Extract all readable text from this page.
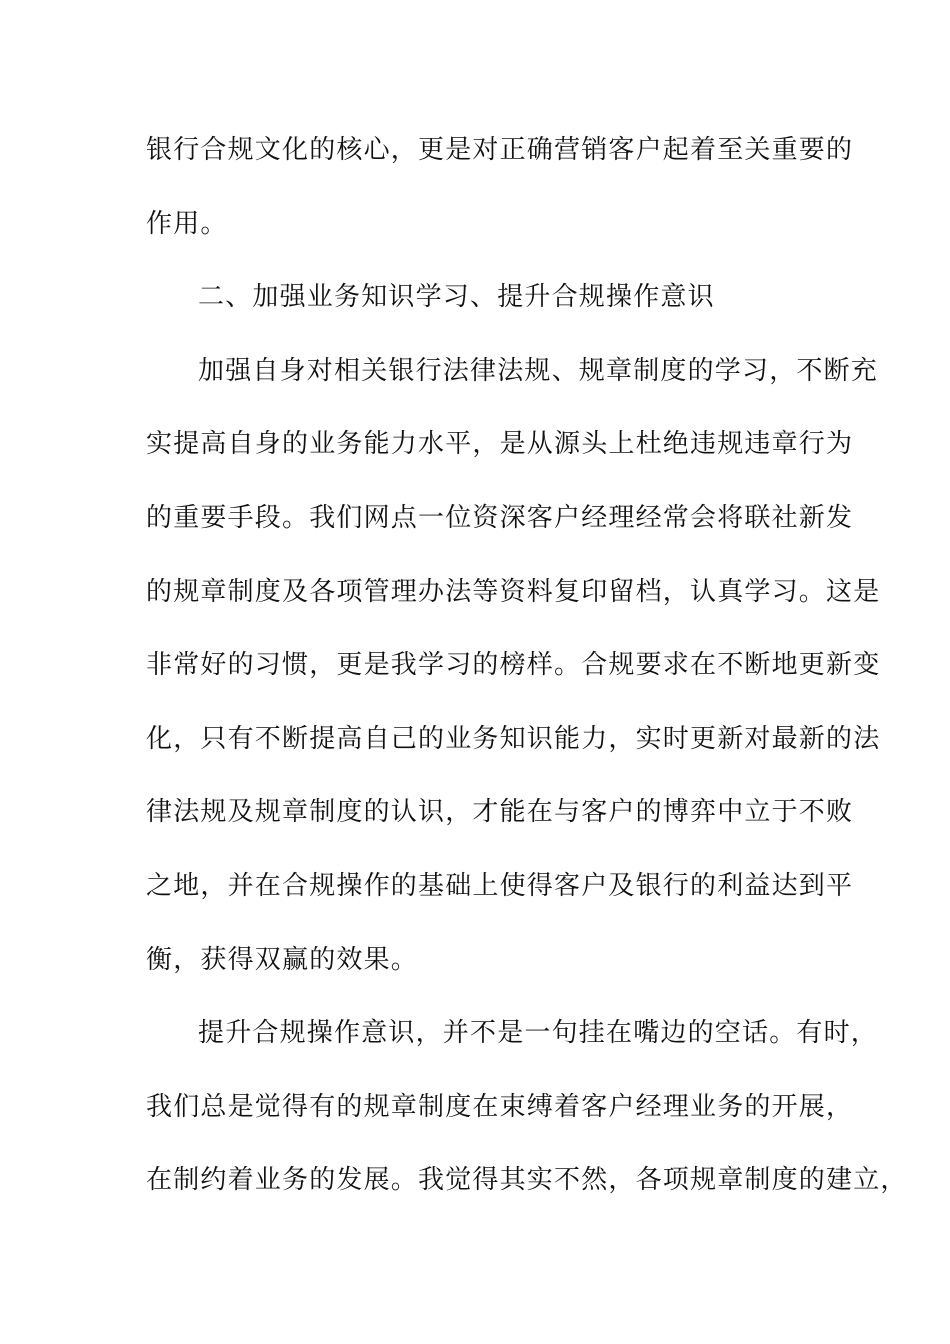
银行合规文化的核心，更是对正确营销客户起着至关重要的
作用。
二、加强业务知识学习、提升合规操作意识
加强自身对相关银行法律法规、规章制度的学习，不断充
实提高自身的业务能力水平，是从源头上杜绝违规违章行为
的重要手段。我们网点一位资深客户经理经常会将联社新发
的规章制度及各项管理办法等资料复印留档，认真学习。这是
非常好的习惯，更是我学习的榜样。合规要求在不断地更新变
化，只有不断提高自己的业务知识能力，实时更新对最新的法
律法规及规章制度的认识，才能在与客户的博弈中立于不败
之地，并在合规操作的基础上使得客户及银行的利益达到平
衡，获得双赢的效果。
提升合规操作意识，并不是一句挂在嘴边的空话。有时，
我们总是觉得有的规章制度在束缚着客户经理业务的开展，
在制约着业务的发展。我觉得其实不然，各项规章制度的建立，
